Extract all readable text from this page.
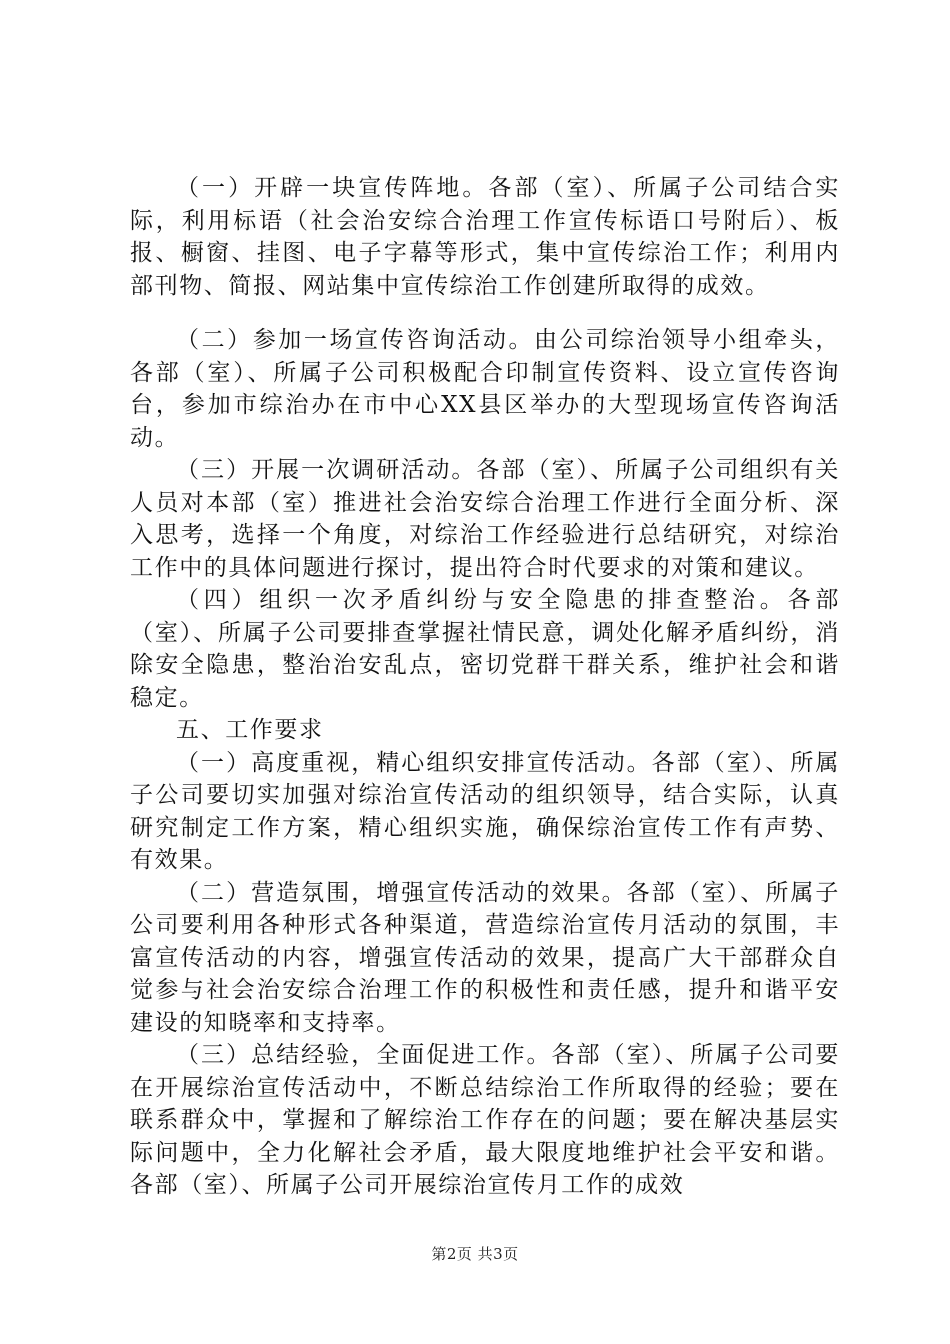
（一）开辟一块宣传阵地。各部（室）、所属子公司结合实际，利用标语（社会治安综合治理工作宣传标语口号附后）、板报、橱窗、挂图、电子字幕等形式，集中宣传综治工作；利用内部刊物、简报、网站集中宣传综治工作创建所取得的成效。

（二）参加一场宣传咨询活动。由公司综治领导小组牵头，各部（室）、所属子公司积极配合印制宣传资料、设立宣传咨询台，参加市综治办在市中心XX县区举办的大型现场宣传咨询活动。

（三）开展一次调研活动。各部（室）、所属子公司组织有关人员对本部（室）推进社会治安综合治理工作进行全面分析、深入思考，选择一个角度，对综治工作经验进行总结研究，对综治工作中的具体问题进行探讨，提出符合时代要求的对策和建议。

（四）组织一次矛盾纠纷与安全隐患的排查整治。各部（室）、所属子公司要排查掌握社情民意，调处化解矛盾纠纷，消除安全隐患，整治治安乱点，密切党群干群关系，维护社会和谐稳定。

五、工作要求

（一）高度重视，精心组织安排宣传活动。各部（室）、所属子公司要切实加强对综治宣传活动的组织领导，结合实际，认真研究制定工作方案，精心组织实施，确保综治宣传工作有声势、有效果。

（二）营造氛围，增强宣传活动的效果。各部（室）、所属子公司要利用各种形式各种渠道，营造综治宣传月活动的氛围，丰富宣传活动的内容，增强宣传活动的效果，提高广大干部群众自觉参与社会治安综合治理工作的积极性和责任感，提升和谐平安建设的知晓率和支持率。

（三）总结经验，全面促进工作。各部（室）、所属子公司要在开展综治宣传活动中，不断总结综治工作所取得的经验；要在联系群众中，掌握和了解综治工作存在的问题；要在解决基层实际问题中，全力化解社会矛盾，最大限度地维护社会平安和谐。各部（室）、所属子公司开展综治宣传月工作的成效

第2页 共3页
